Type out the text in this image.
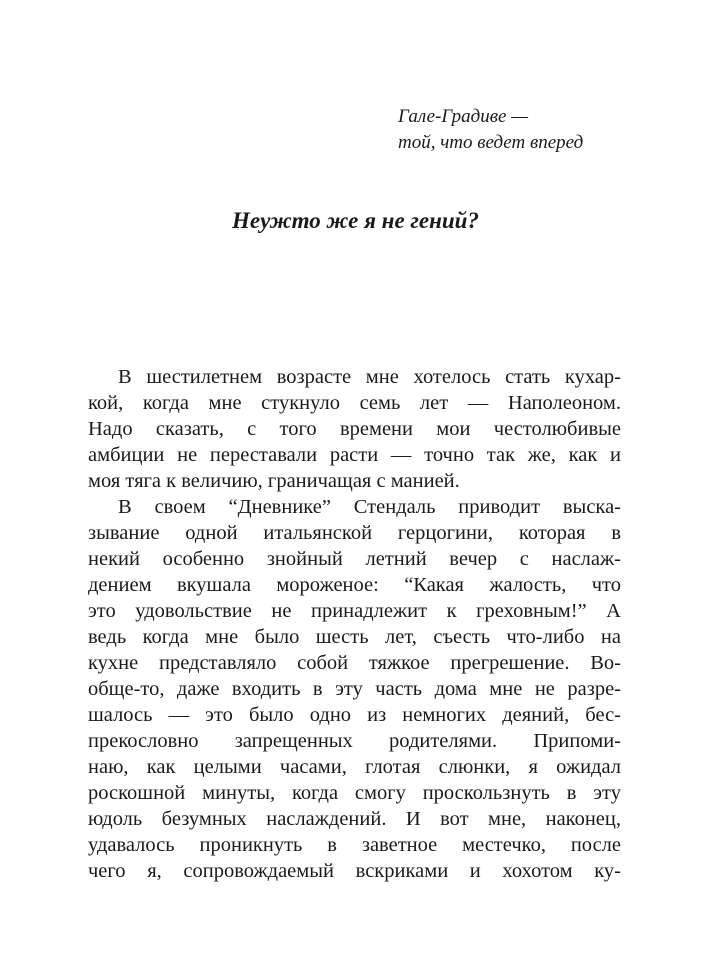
Гале-Градиве —
той, что ведет вперед
Неужто же я не гений?
В шестилетнем возрасте мне хотелось стать кухар-
кой, когда мне стукнуло семь лет — Наполеоном.
Надо сказать, с того времени мои честолюбивые
амбиции не переставали расти — точно так же, как и
моя тяга к величию, граничащая с манией.
В своем “Дневнике” Стендаль приводит выска-
зывание одной итальянской герцогини, которая в
некий особенно знойный летний вечер с наслаж-
дением вкушала мороженое: “Какая жалость, что
это удовольствие не принадлежит к греховным!” А
ведь когда мне было шесть лет, съесть что-либо на
кухне представляло собой тяжкое прегрешение. Во-
обще-то, даже входить в эту часть дома мне не разре-
шалось — это было одно из немногих деяний, бес-
прекословно запрещенных родителями. Припоми-
наю, как целыми часами, глотая слюнки, я ожидал
роскошной минуты, когда смогу проскользнуть в эту
юдоль безумных наслаждений. И вот мне, наконец,
удавалось проникнуть в заветное местечко, после
чего я, сопровождаемый вскриками и хохотом ку-
